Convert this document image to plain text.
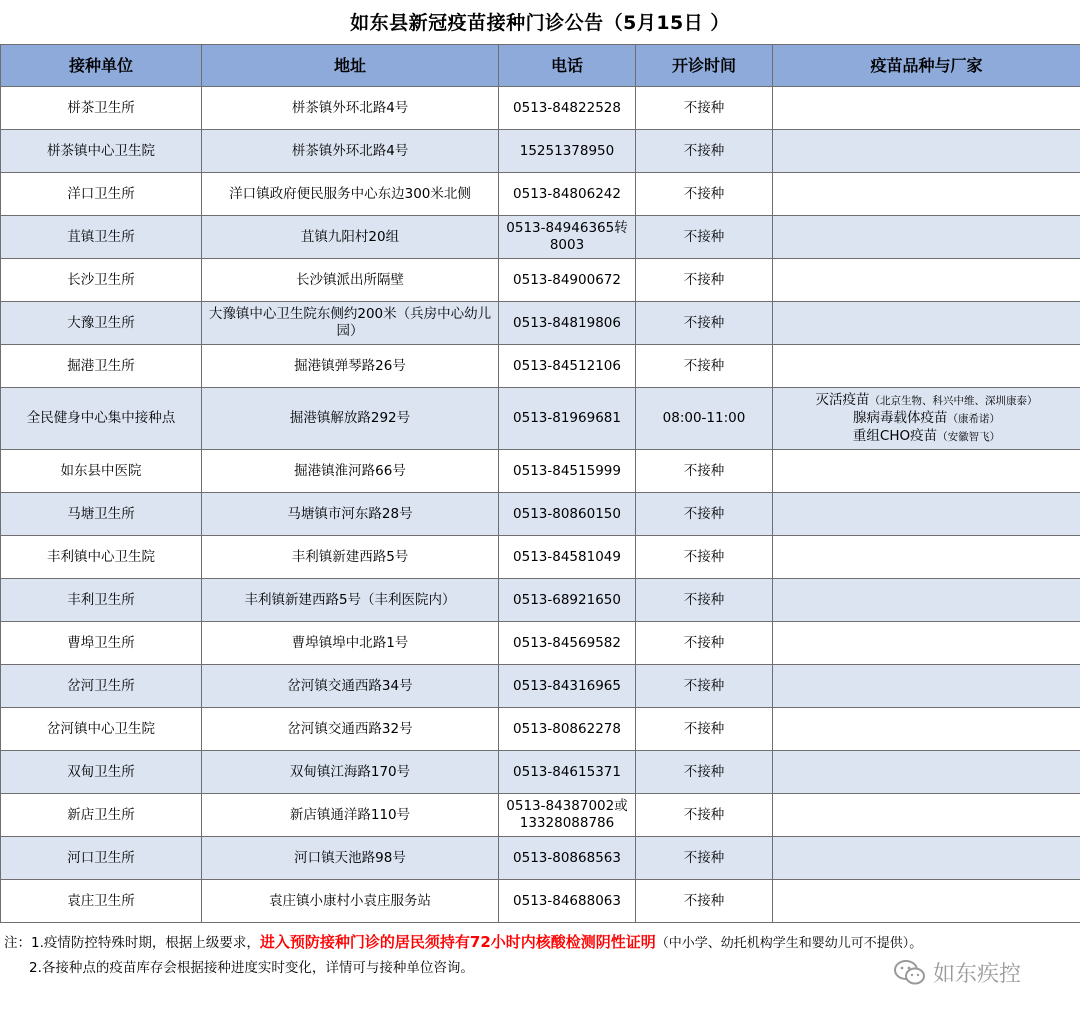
如东县新冠疫苗接种门诊公告（5月15日 ）
接种单位	地址	电话	开诊时间	疫苗品种与厂家
栟茶卫生所	栟茶镇外环北路4号	0513-84822528	不接种	
栟茶镇中心卫生院	栟茶镇外环北路4号	15251378950	不接种	
洋口卫生所	洋口镇政府便民服务中心东边300米北侧	0513-84806242	不接种	
苴镇卫生所	苴镇九阳村20组	0513-84946365转8003	不接种	
长沙卫生所	长沙镇派出所隔壁	0513-84900672	不接种	
大豫卫生所	大豫镇中心卫生院东侧约200米（兵房中心幼儿园）	0513-84819806	不接种	
掘港卫生所	掘港镇弹琴路26号	0513-84512106	不接种	
全民健身中心集中接种点	掘港镇解放路292号	0513-81969681	08:00-11:00	灭活疫苗（北京生物、科兴中维、深圳康泰）
腺病毒载体疫苗（康希诺）
重组CHO疫苗（安徽智飞）

如东县中医院	掘港镇淮河路66号	0513-84515999	不接种	
马塘卫生所	马塘镇市河东路28号	0513-80860150	不接种	
丰利镇中心卫生院	丰利镇新建西路5号	0513-84581049	不接种	
丰利卫生所	丰利镇新建西路5号（丰利医院内）	0513-68921650	不接种	
曹埠卫生所	曹埠镇埠中北路1号	0513-84569582	不接种	
岔河卫生所	岔河镇交通西路34号	0513-84316965	不接种	
岔河镇中心卫生院	岔河镇交通西路32号	0513-80862278	不接种	
双甸卫生所	双甸镇江海路170号	0513-84615371	不接种	
新店卫生所	新店镇通洋路110号	0513-84387002或13328088786	不接种	
河口卫生所	河口镇天池路98号	0513-80868563	不接种	
袁庄卫生所	袁庄镇小康村小袁庄服务站	0513-84688063	不接种	
注：1.疫情防控特殊时期，根据上级要求，进入预防接种门诊的居民须持有72小时内核酸检测阴性证明（中小学、幼托机构学生和婴幼儿可不提供）。
2.各接种点的疫苗库存会根据接种进度实时变化，详情可与接种单位咨询。	如东疾控
